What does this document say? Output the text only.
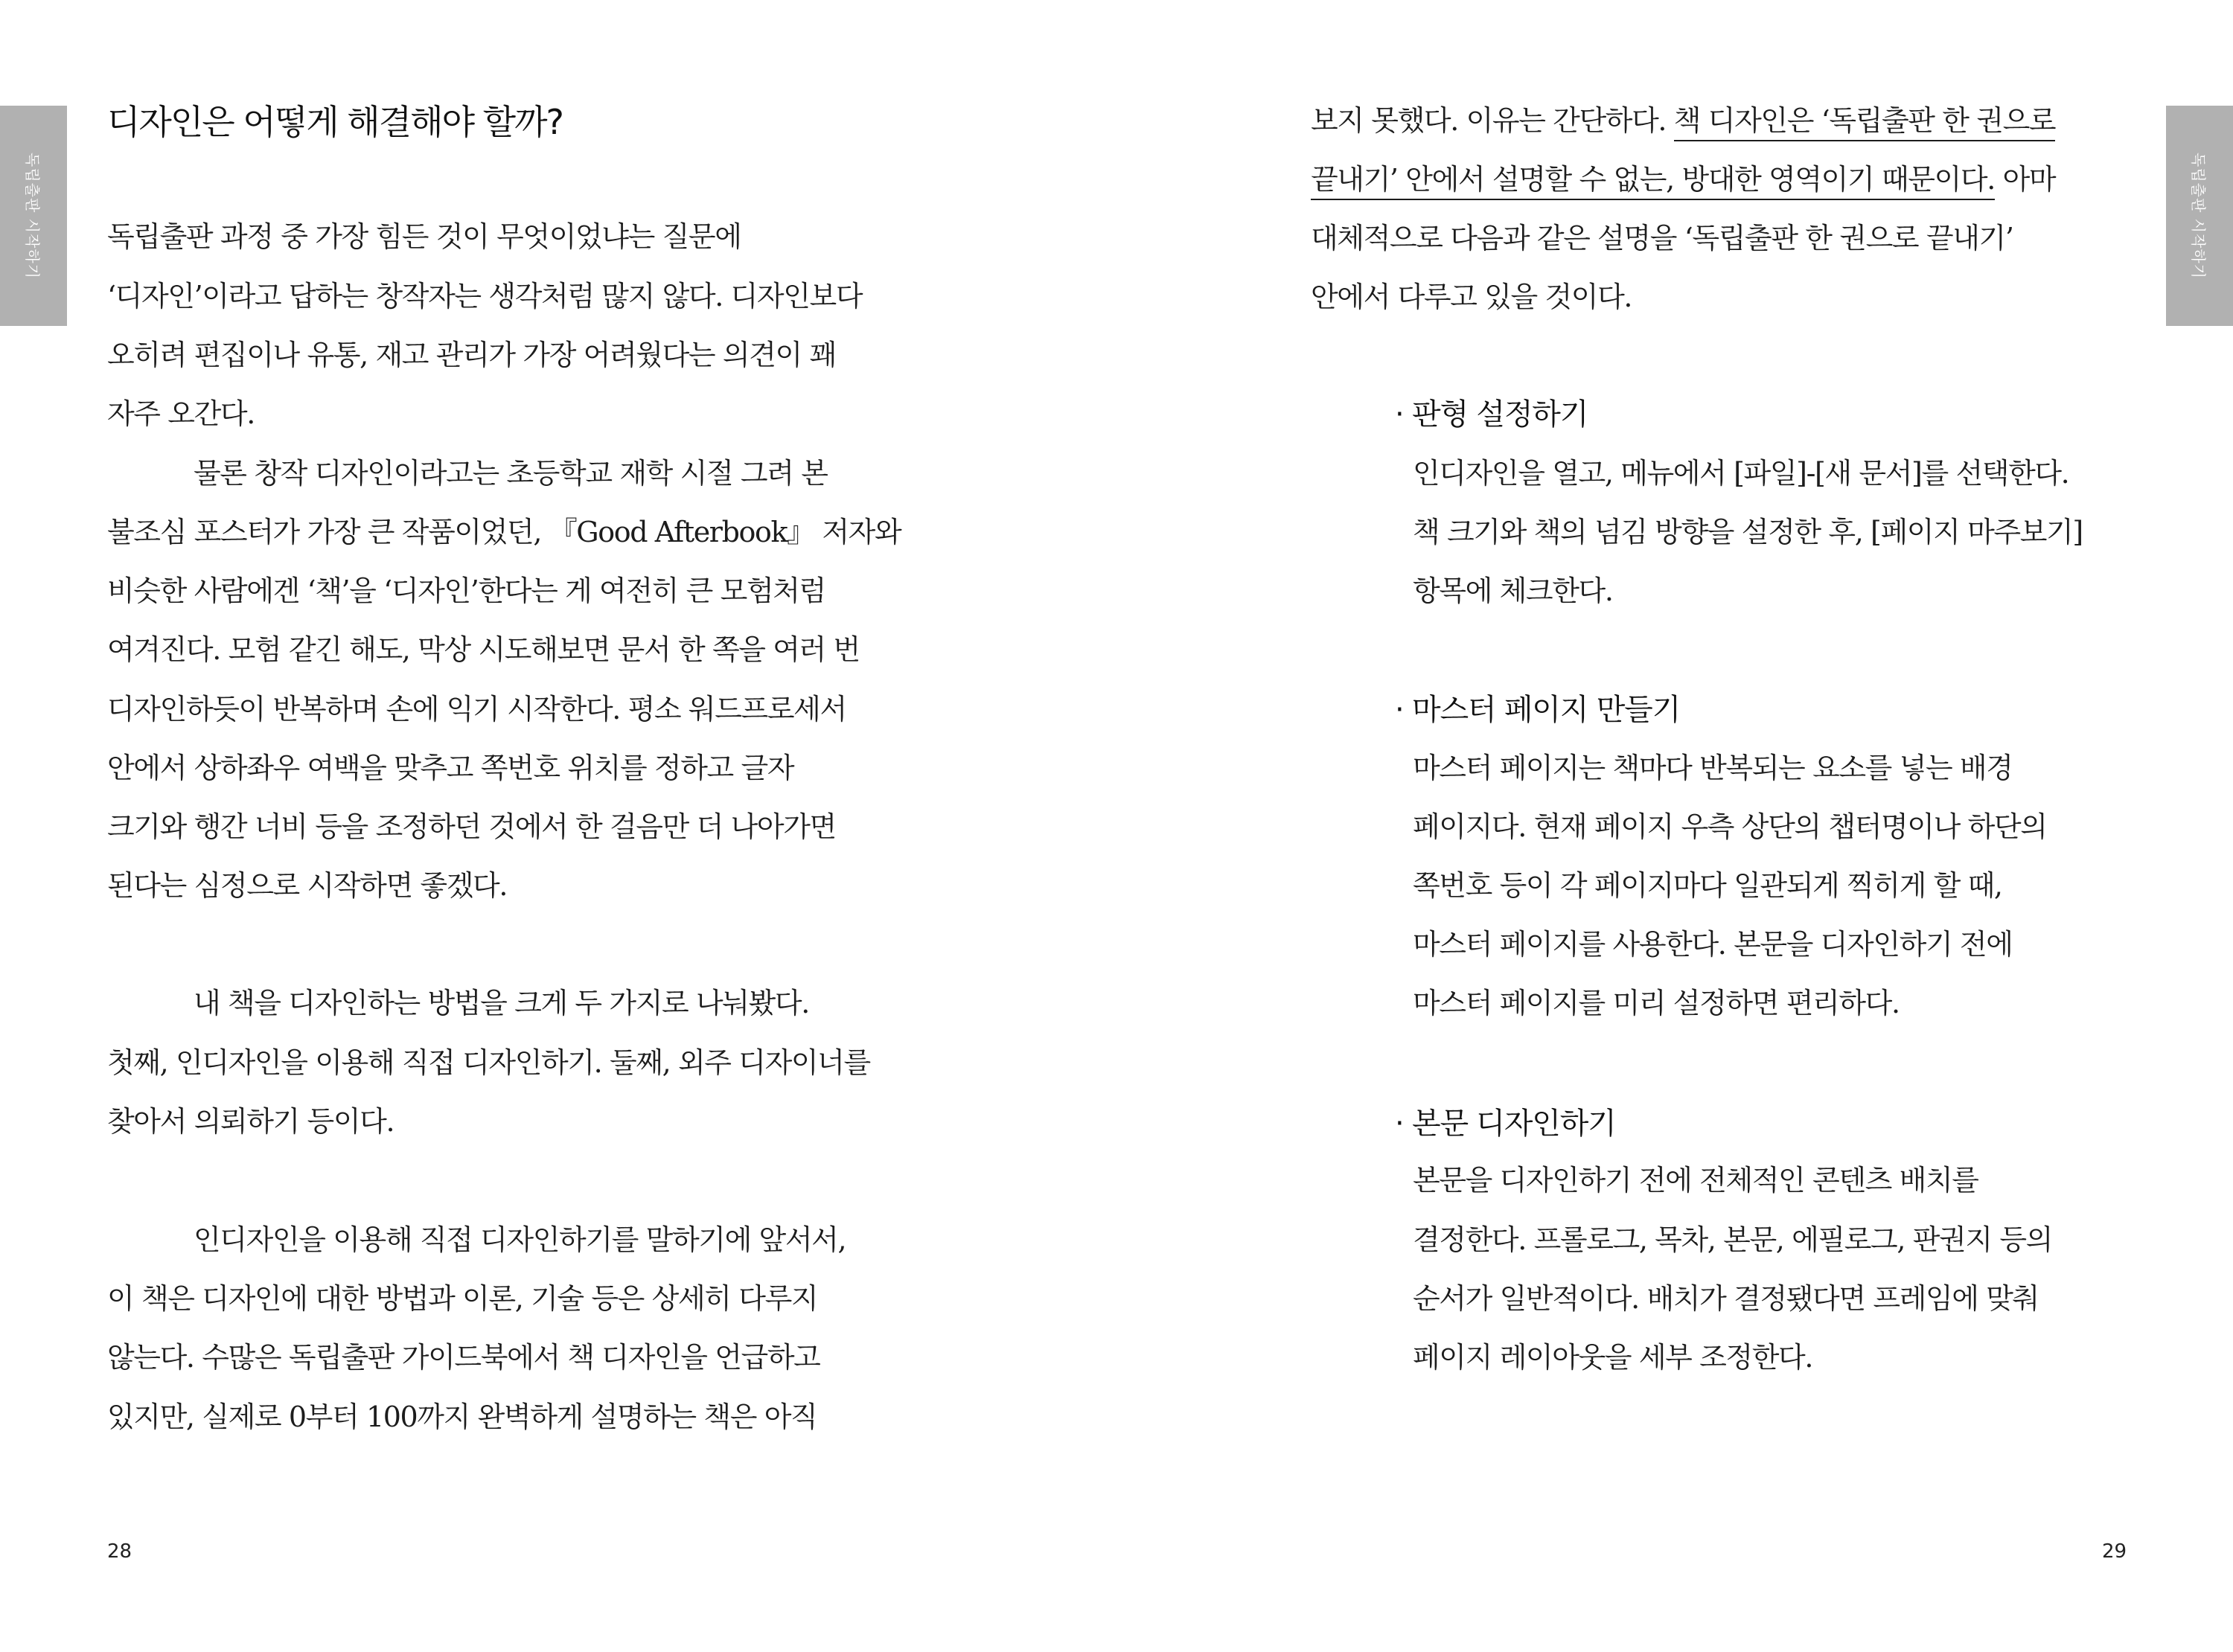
독립출판 시작하기
디자인은 어떻게 해결해야 할까?
독립출판 과정 중 가장 힘든 것이 무엇이었냐는 질문에
‘디자인’이라고 답하는 창작자는 생각처럼 많지 않다. 디자인보다
오히려 편집이나 유통, 재고 관리가 가장 어려웠다는 의견이 꽤
자주 오간다.
물론 창작 디자인이라고는 초등학교 재학 시절 그려 본
불조심 포스터가 가장 큰 작품이었던, 『Good Afterbook』 저자와
비슷한 사람에겐 ‘책’을 ‘디자인’한다는 게 여전히 큰 모험처럼
여겨진다. 모험 같긴 해도, 막상 시도해보면 문서 한 쪽을 여러 번
디자인하듯이 반복하며 손에 익기 시작한다. 평소 워드프로세서
안에서 상하좌우 여백을 맞추고 쪽번호 위치를 정하고 글자
크기와 행간 너비 등을 조정하던 것에서 한 걸음만 더 나아가면
된다는 심정으로 시작하면 좋겠다.
내 책을 디자인하는 방법을 크게 두 가지로 나눠봤다.
첫째, 인디자인을 이용해 직접 디자인하기. 둘째, 외주 디자이너를
찾아서 의뢰하기 등이다.
인디자인을 이용해 직접 디자인하기를 말하기에 앞서서,
이 책은 디자인에 대한 방법과 이론, 기술 등은 상세히 다루지
않는다. 수많은 독립출판 가이드북에서 책 디자인을 언급하고
있지만, 실제로 0부터 100까지 완벽하게 설명하는 책은 아직
28
독립출판 시작하기
보지 못했다. 이유는 간단하다. 책 디자인은 ‘독립출판 한 권으로
끝내기’ 안에서 설명할 수 없는, 방대한 영역이기 때문이다. 아마
대체적으로 다음과 같은 설명을 ‘독립출판 한 권으로 끝내기’
안에서 다루고 있을 것이다.
· 판형 설정하기
인디자인을 열고, 메뉴에서 [파일]-[새 문서]를 선택한다.
책 크기와 책의 넘김 방향을 설정한 후, [페이지 마주보기]
항목에 체크한다.
· 마스터 페이지 만들기
마스터 페이지는 책마다 반복되는 요소를 넣는 배경
페이지다. 현재 페이지 우측 상단의 챕터명이나 하단의
쪽번호 등이 각 페이지마다 일관되게 찍히게 할 때,
마스터 페이지를 사용한다. 본문을 디자인하기 전에
마스터 페이지를 미리 설정하면 편리하다.
· 본문 디자인하기
본문을 디자인하기 전에 전체적인 콘텐츠 배치를
결정한다. 프롤로그, 목차, 본문, 에필로그, 판권지 등의
순서가 일반적이다. 배치가 결정됐다면 프레임에 맞춰
페이지 레이아웃을 세부 조정한다.
29
